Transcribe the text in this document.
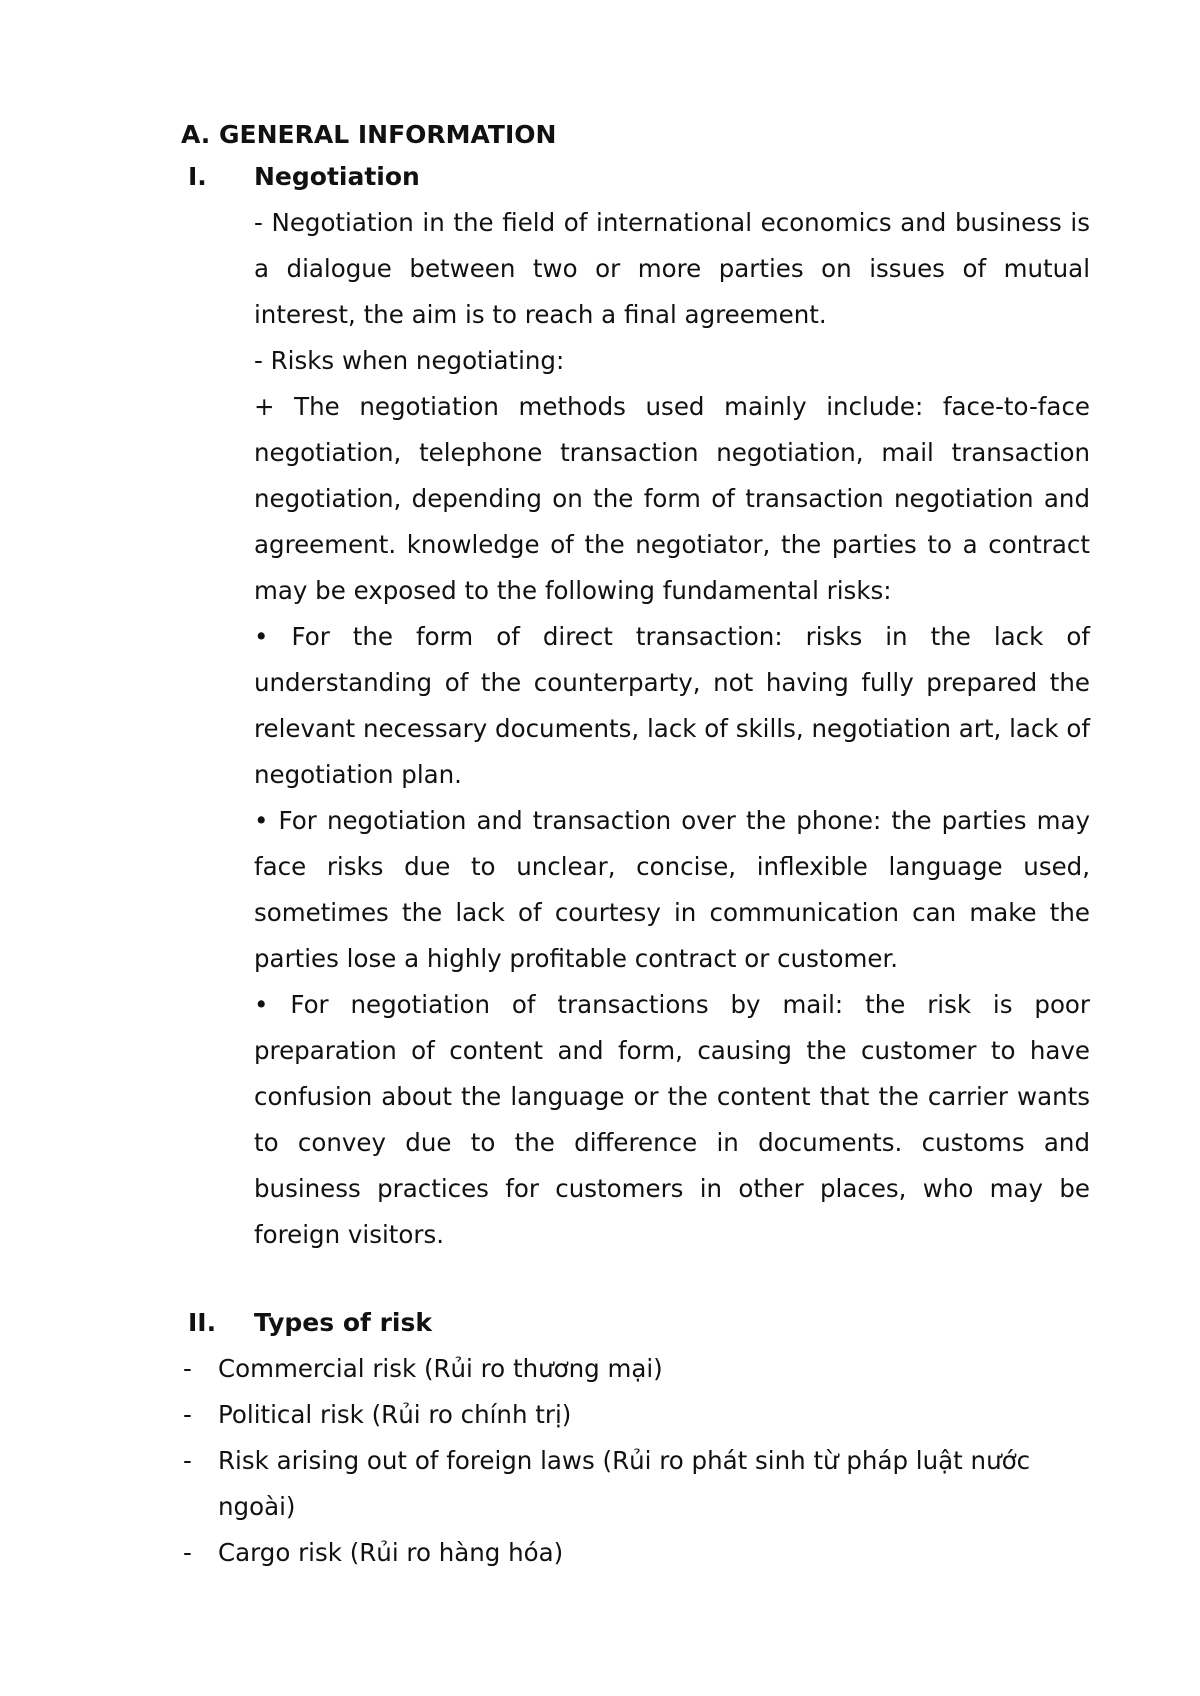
A. GENERAL INFORMATION
I. Negotiation

- Negotiation in the field of international economics and business is a dialogue between two or more parties on issues of mutual interest, the aim is to reach a final agreement.

- Risks when negotiating:

+ The negotiation methods used mainly include: face-to-face negotiation, telephone transaction negotiation, mail transaction negotiation, depending on the form of transaction negotiation and agreement. knowledge of the negotiator, the parties to a contract may be exposed to the following fundamental risks:

• For the form of direct transaction: risks in the lack of understanding of the counterparty, not having fully prepared the relevant necessary documents, lack of skills, negotiation art, lack of negotiation plan.

• For negotiation and transaction over the phone: the parties may face risks due to unclear, concise, inflexible language used, sometimes the lack of courtesy in communication can make the parties lose a highly profitable contract or customer.

• For negotiation of transactions by mail: the risk is poor preparation of content and form, causing the customer to have confusion about the language or the content that the carrier wants to convey due to the difference in documents. customs and business practices for customers in other places, who may be foreign visitors.

II. Types of risk
- Commercial risk (Rủi ro thương mại)
- Political risk (Rủi ro chính trị)
- Risk arising out of foreign laws (Rủi ro phát sinh từ pháp luật nước ngoài)
- Cargo risk (Rủi ro hàng hóa)
